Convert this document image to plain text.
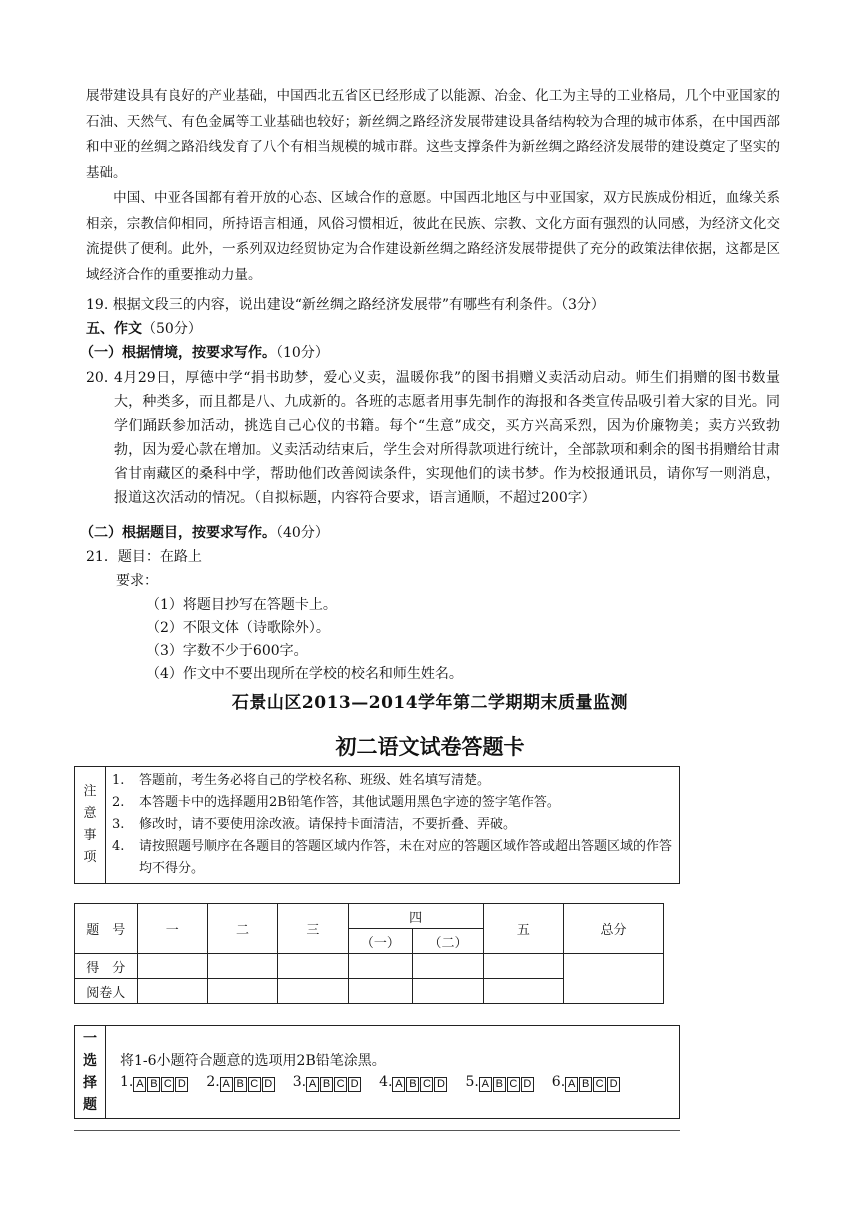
展带建设具有良好的产业基础，中国西北五省区已经形成了以能源、冶金、化工为主导的工业格局，几个中亚国家的石油、天然气、有色金属等工业基础也较好；新丝绸之路经济发展带建设具备结构较为合理的城市体系，在中国西部和中亚的丝绸之路沿线发育了八个有相当规模的城市群。这些支撑条件为新丝绸之路经济发展带的建设奠定了坚实的基础。
中国、中亚各国都有着开放的心态、区域合作的意愿。中国西北地区与中亚国家，双方民族成份相近，血缘关系相亲，宗教信仰相同，所持语言相通，风俗习惯相近，彼此在民族、宗教、文化方面有强烈的认同感，为经济文化交流提供了便利。此外，一系列双边经贸协定为合作建设新丝绸之路经济发展带提供了充分的政策法律依据，这都是区域经济合作的重要推动力量。
19. 根据文段三的内容，说出建设“新丝绸之路经济发展带”有哪些有利条件。（3分）
五、作文（50分）
（一）根据情境，按要求写作。（10分）
20．
4月29日，厚德中学“捐书助梦，爱心义卖，温暖你我”的图书捐赠义卖活动启动。师生们捐赠的图书数量大，种类多，而且都是八、九成新的。各班的志愿者用事先制作的海报和各类宣传品吸引着大家的目光。同学们踊跃参加活动，挑选自己心仪的书籍。每个“生意”成交，买方兴高采烈，因为价廉物美；卖方兴致勃勃，因为爱心款在增加。义卖活动结束后，学生会对所得款项进行统计，全部款项和剩余的图书捐赠给甘肃省甘南藏区的桑科中学，帮助他们改善阅读条件，实现他们的读书梦。作为校报通讯员，请你写一则消息，报道这次活动的情况。（自拟标题，内容符合要求，语言通顺，不超过200字）
（二）根据题目，按要求写作。（40分）
21．题目：在路上
要求：
（1）将题目抄写在答题卡上。
（2）不限文体（诗歌除外）。
（3）字数不少于600字。
（4）作文中不要出现所在学校的校名和师生姓名。
石景山区2013—2014学年第二学期期末质量监测
初二语文试卷答题卡
注
意
事
项

1. 答题前，考生务必将自己的学校名称、班级、姓名填写清楚。
2. 本答题卡中的选择题用2B铅笔作答，其他试题用黑色字迹的签字笔作答。
3. 修改时，请不要使用涂改液。请保持卡面清洁，不要折叠、弄破。
4. 请按照题号顺序在各题目的答题区域内作答，未在对应的答题区域作答或超出答题区域的作答均不得分。
题　号	一	二	三	四		五	总分
				（一）	（二）		
得　分							
阅卷人							
一
选
择
题

将1-6小题符合题意的选项用2B铅笔涂黑。
1. A B C D 2. A B C D 3. A B C D 4. A B C D 5. A B C D 6. A B C D
